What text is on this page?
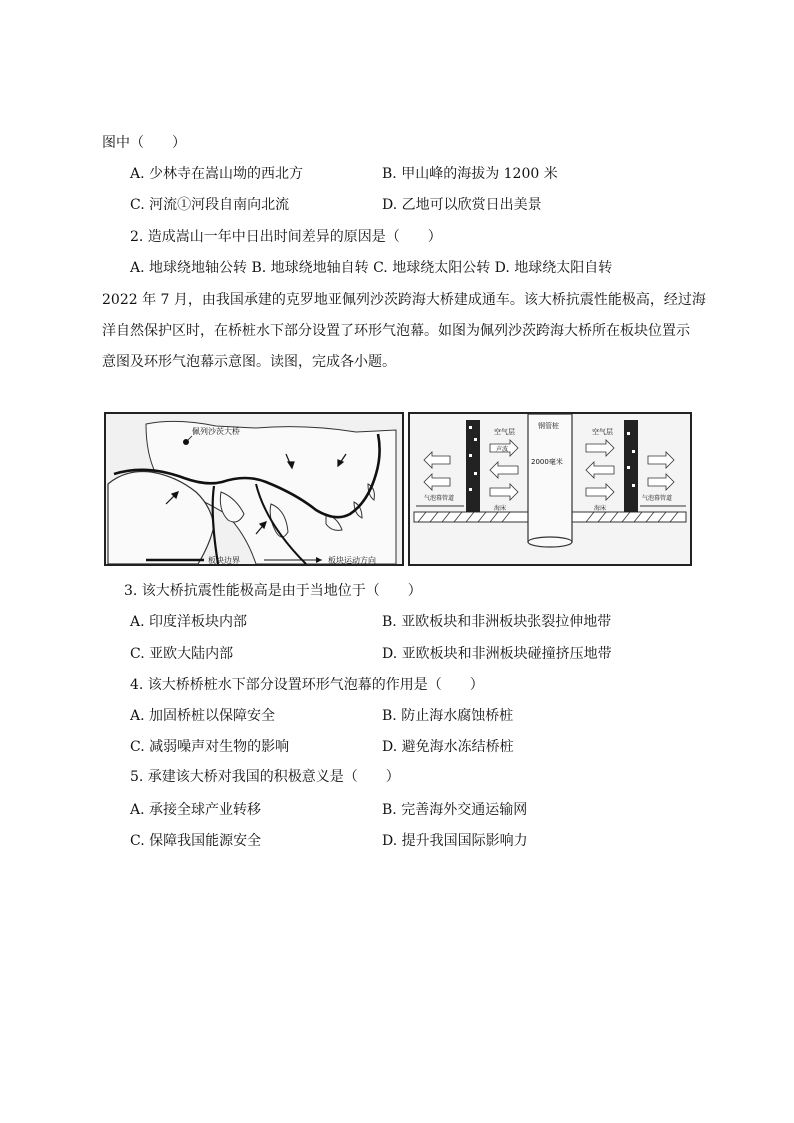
图中（　　）
A. 少林寺在嵩山坳的西北方	B. 甲山峰的海拔为 1200 米
C. 河流①河段自南向北流	D. 乙地可以欣赏日出美景
2. 造成嵩山一年中日出时间差异的原因是（　　）
A. 地球绕地轴公转 B. 地球绕地轴自转 C. 地球绕太阳公转 D. 地球绕太阳自转
2022 年 7 月，由我国承建的克罗地亚佩列沙茨跨海大桥建成通车。该大桥抗震性能极高，经过海
洋自然保护区时，在桥桩水下部分设置了环形气泡幕。如图为佩列沙茨跨海大桥所在板块位置示
意图及环形气泡幕示意图。读图，完成各小题。
佩列沙茨大桥
钢管桩
2000毫米
空气层	空气层
声波
气泡幕管道	气泡幕管道
海床	海床
板块边界	板块运动方向
3. 该大桥抗震性能极高是由于当地位于（　　）
A. 印度洋板块内部	B. 亚欧板块和非洲板块张裂拉伸地带
C. 亚欧大陆内部	D. 亚欧板块和非洲板块碰撞挤压地带
4. 该大桥桥桩水下部分设置环形气泡幕的作用是（　　）
A. 加固桥桩以保障安全	B. 防止海水腐蚀桥桩
C. 减弱噪声对生物的影响	D. 避免海水冻结桥桩
5. 承建该大桥对我国的积极意义是（　　）
A. 承接全球产业转移	B. 完善海外交通运输网
C. 保障我国能源安全	D. 提升我国国际影响力
